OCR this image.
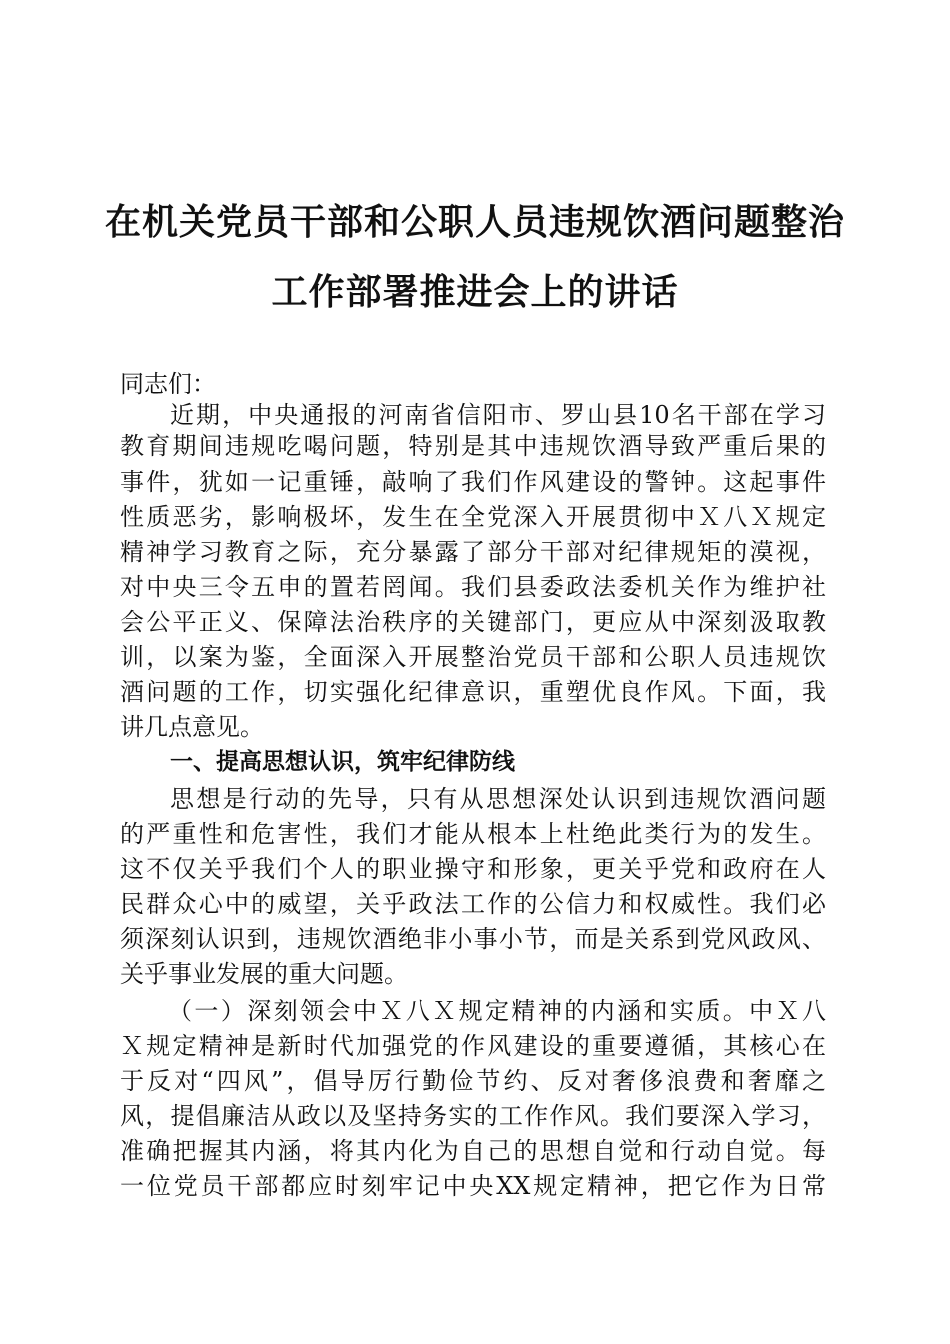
在机关党员干部和公职人员违规饮酒问题整治
工作部署推进会上的讲话
同志们：
近期，中央通报的河南省信阳市、罗山县10名干部在学习
教育期间违规吃喝问题，特别是其中违规饮酒导致严重后果的
事件，犹如一记重锤，敲响了我们作风建设的警钟。这起事件
性质恶劣，影响极坏，发生在全党深入开展贯彻中Ｘ八Ｘ规定
精神学习教育之际，充分暴露了部分干部对纪律规矩的漠视，
对中央三令五申的置若罔闻。我们县委政法委机关作为维护社
会公平正义、保障法治秩序的关键部门，更应从中深刻汲取教
训，以案为鉴，全面深入开展整治党员干部和公职人员违规饮
酒问题的工作，切实强化纪律意识，重塑优良作风。下面，我
讲几点意见。
一、提高思想认识，筑牢纪律防线
思想是行动的先导，只有从思想深处认识到违规饮酒问题
的严重性和危害性，我们才能从根本上杜绝此类行为的发生。
这不仅关乎我们个人的职业操守和形象，更关乎党和政府在人
民群众心中的威望，关乎政法工作的公信力和权威性。我们必
须深刻认识到，违规饮酒绝非小事小节，而是关系到党风政风、
关乎事业发展的重大问题。
（一）深刻领会中Ｘ八Ｘ规定精神的内涵和实质。中Ｘ八
Ｘ规定精神是新时代加强党的作风建设的重要遵循，其核心在
于反对“四风”，倡导厉行勤俭节约、反对奢侈浪费和奢靡之
风，提倡廉洁从政以及坚持务实的工作作风。我们要深入学习，
准确把握其内涵，将其内化为自己的思想自觉和行动自觉。每
一位党员干部都应时刻牢记中央XX规定精神，把它作为日常
